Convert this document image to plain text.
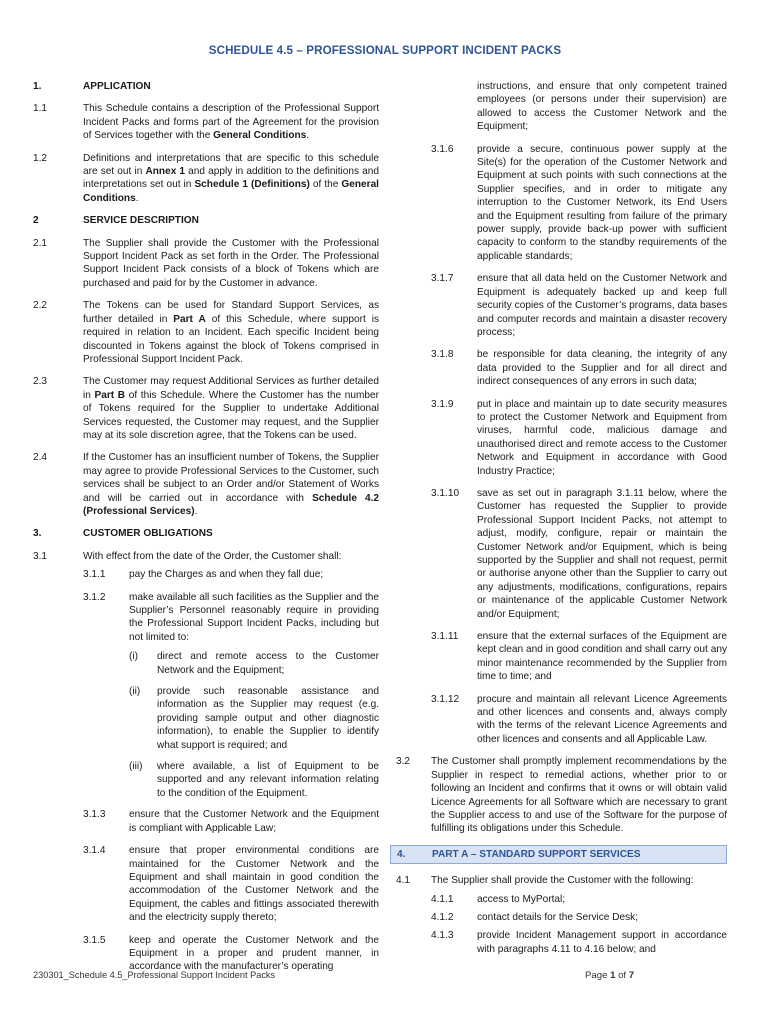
SCHEDULE 4.5 – PROFESSIONAL SUPPORT INCIDENT PACKS
1.	APPLICATION
1.1	This Schedule contains a description of the Professional Support Incident Packs and forms part of the Agreement for the provision of Services together with the General Conditions.
1.2	Definitions and interpretations that are specific to this schedule are set out in Annex 1 and apply in addition to the definitions and interpretations set out in Schedule 1 (Definitions) of the General Conditions.
2	SERVICE DESCRIPTION
2.1	The Supplier shall provide the Customer with the Professional Support Incident Pack as set forth in the Order. The Professional Support Incident Pack consists of a block of Tokens which are purchased and paid for by the Customer in advance.
2.2	The Tokens can be used for Standard Support Services, as further detailed in Part A of this Schedule, where support is required in relation to an Incident. Each specific Incident being discounted in Tokens against the block of Tokens comprised in Professional Support Incident Pack.
2.3	The Customer may request Additional Services as further detailed in Part B of this Schedule. Where the Customer has the number of Tokens required for the Supplier to undertake Additional Services requested, the Customer may request, and the Supplier may at its sole discretion agree, that the Tokens can be used.
2.4	If the Customer has an insufficient number of Tokens, the Supplier may agree to provide Professional Services to the Customer, such services shall be subject to an Order and/or Statement of Works and will be carried out in accordance with Schedule 4.2 (Professional Services).
3.	CUSTOMER OBLIGATIONS
3.1	With effect from the date of the Order, the Customer shall:
3.1.1 pay the Charges as and when they fall due;
3.1.2 make available all such facilities as the Supplier and the Supplier’s Personnel reasonably require in providing the Professional Support Incident Packs, including but not limited to:
(i) direct and remote access to the Customer Network and the Equipment;
(ii) provide such reasonable assistance and information as the Supplier may request (e.g. providing sample output and other diagnostic information), to enable the Supplier to identify what support is required; and
(iii) where available, a list of Equipment to be supported and any relevant information relating to the condition of the Equipment.
3.1.3 ensure that the Customer Network and the Equipment is compliant with Applicable Law;
3.1.4 ensure that proper environmental conditions are maintained for the Customer Network and the Equipment and shall maintain in good condition the accommodation of the Customer Network and the Equipment, the cables and fittings associated therewith and the electricity supply thereto;
3.1.5 keep and operate the Customer Network and the Equipment in a proper and prudent manner, in accordance with the manufacturer’s operating
instructions, and ensure that only competent trained employees (or persons under their supervision) are allowed to access the Customer Network and the Equipment;
3.1.6 provide a secure, continuous power supply at the Site(s) for the operation of the Customer Network and Equipment at such points with such connections at the Supplier specifies, and in order to mitigate any interruption to the Customer Network, its End Users and the Equipment resulting from failure of the primary power supply, provide back-up power with sufficient capacity to conform to the standby requirements of the applicable standards;
3.1.7 ensure that all data held on the Customer Network and Equipment is adequately backed up and keep full security copies of the Customer’s programs, data bases and computer records and maintain a disaster recovery process;
3.1.8 be responsible for data cleaning, the integrity of any data provided to the Supplier and for all direct and indirect consequences of any errors in such data;
3.1.9 put in place and maintain up to date security measures to protect the Customer Network and Equipment from viruses, harmful code, malicious damage and unauthorised direct and remote access to the Customer Network and Equipment in accordance with Good Industry Practice;
3.1.10 save as set out in paragraph 3.1.11 below, where the Customer has requested the Supplier to provide Professional Support Incident Packs, not attempt to adjust, modify, configure, repair or maintain the Customer Network and/or Equipment, which is being supported by the Supplier and shall not request, permit or authorise anyone other than the Supplier to carry out any adjustments, modifications, configurations, repairs or maintenance of the applicable Customer Network and/or Equipment;
3.1.11 ensure that the external surfaces of the Equipment are kept clean and in good condition and shall carry out any minor maintenance recommended by the Supplier from time to time; and
3.1.12 procure and maintain all relevant Licence Agreements and other licences and consents and, always comply with the terms of the relevant Licence Agreements and other licences and consents and all Applicable Law.
3.2 The Customer shall promptly implement recommendations by the Supplier in respect to remedial actions, whether prior to or following an Incident and confirms that it owns or will obtain valid Licence Agreements for all Software which are necessary to grant the Supplier access to and use of the Software for the purpose of fulfilling its obligations under this Schedule.
4.	PART A – STANDARD SUPPORT SERVICES
4.1 The Supplier shall provide the Customer with the following:
4.1.1 access to MyPortal;
4.1.2 contact details for the Service Desk;
4.1.3 provide Incident Management support in accordance with paragraphs 4.11 to 4.16 below; and
230301_Schedule 4.5_Professional Support Incident Packs	Page 1 of 7
